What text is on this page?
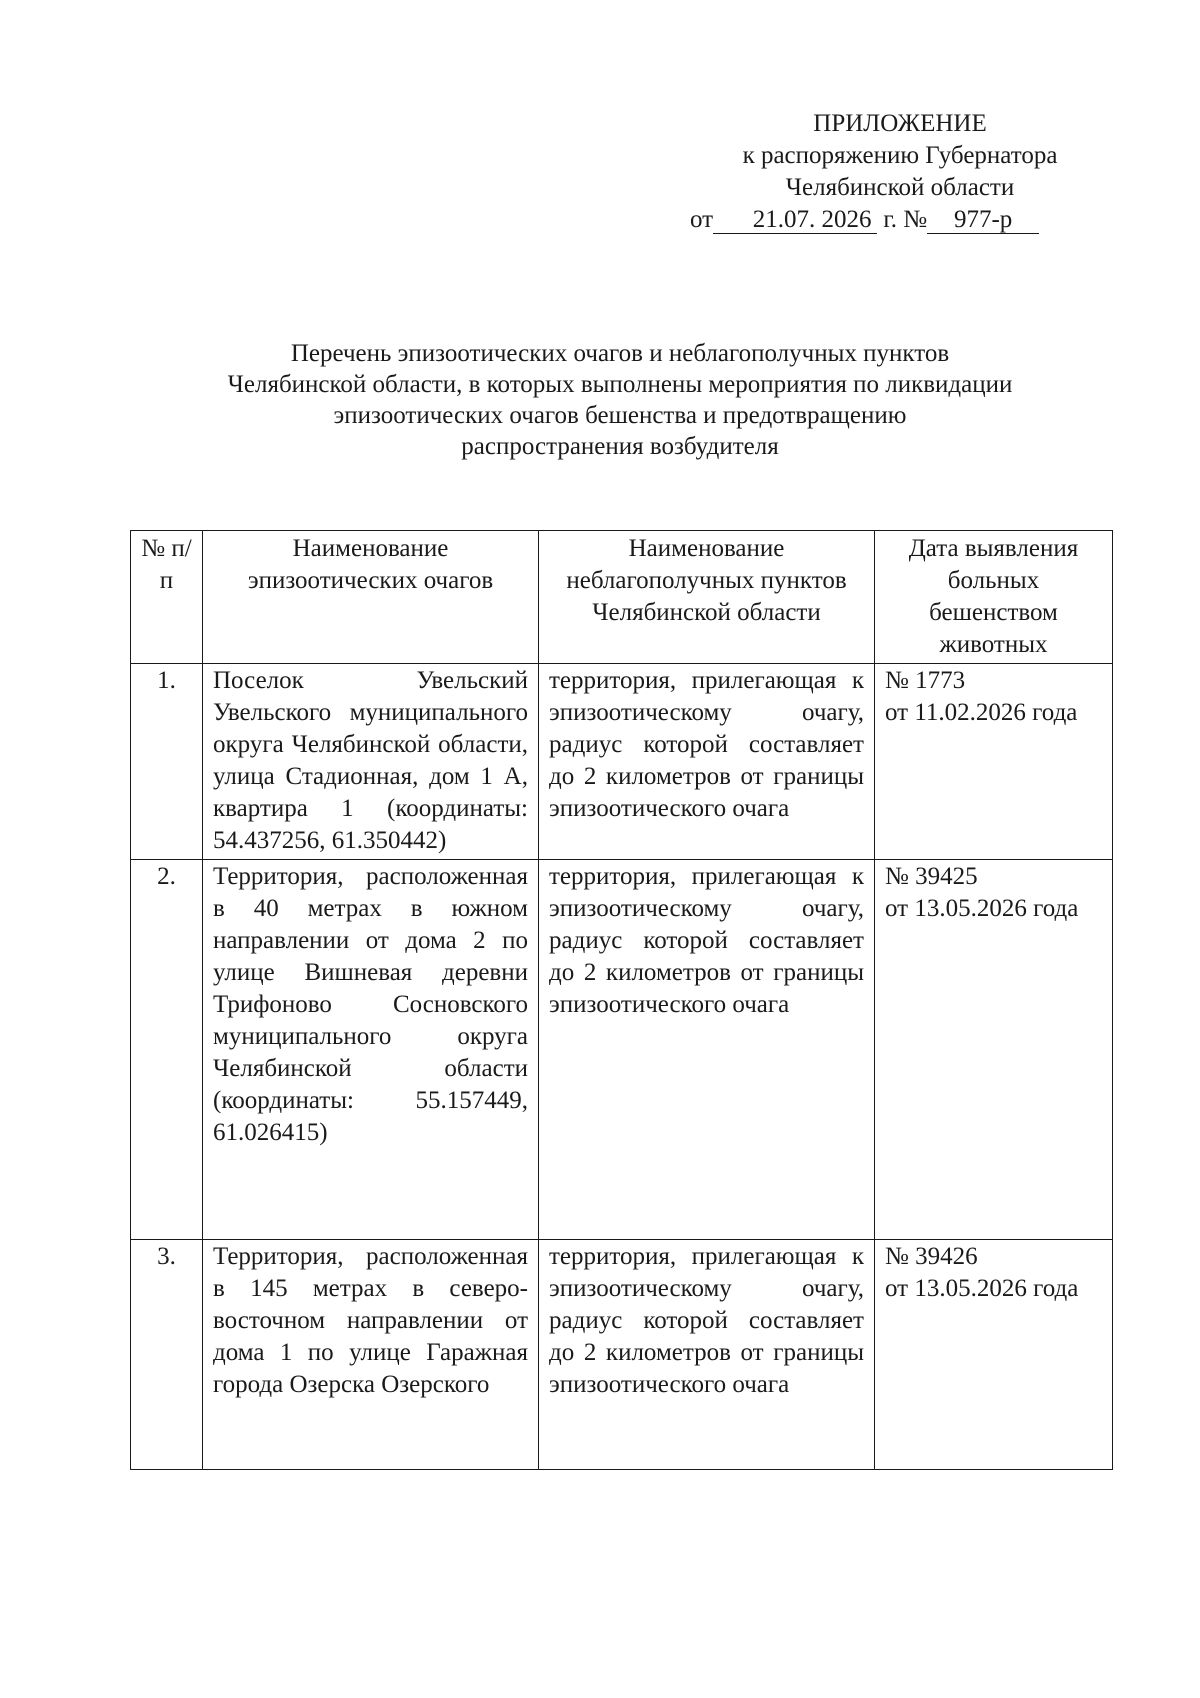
ПРИЛОЖЕНИЕ
к распоряжению Губернатора
Челябинской области
от 21.07. 2026 г. № 977-р
Перечень эпизоотических очагов и неблагополучных пунктов
Челябинской области, в которых выполнены мероприятия по ликвидации
эпизоотических очагов бешенства и предотвращению
распространения возбудителя
№ п/п	Наименование эпизоотических очагов	Наименование неблагополучных пунктов Челябинской области	Дата выявления больных бешенством животных
1.	Поселок Увельский Увельского муниципального округа Челябинской области, улица Стадионная, дом 1 А, квартира 1 (координаты: 54.437256, 61.350442)	территория, прилегающая к эпизоотическому очагу, радиус которой составляет до 2 километров от границы эпизоотического очага	№ 1773
от 11.02.2026 года

2.	Территория, расположенная в 40 метрах в южном направлении от дома 2 по улице Вишневая деревни Трифоново Сосновского муниципального округа Челябинской области (координаты: 55.157449, 61.026415)	территория, прилегающая к эпизоотическому очагу, радиус которой составляет до 2 километров от границы эпизоотического очага	№ 39425
от 13.05.2026 года

3.	Территория, расположенная в 145 метрах в северо-восточном направлении от дома 1 по улице Гаражная города Озерска Озерского	территория, прилегающая к эпизоотическому очагу, радиус которой составляет до 2 километров от границы эпизоотического очага	№ 39426
от 13.05.2026 года
